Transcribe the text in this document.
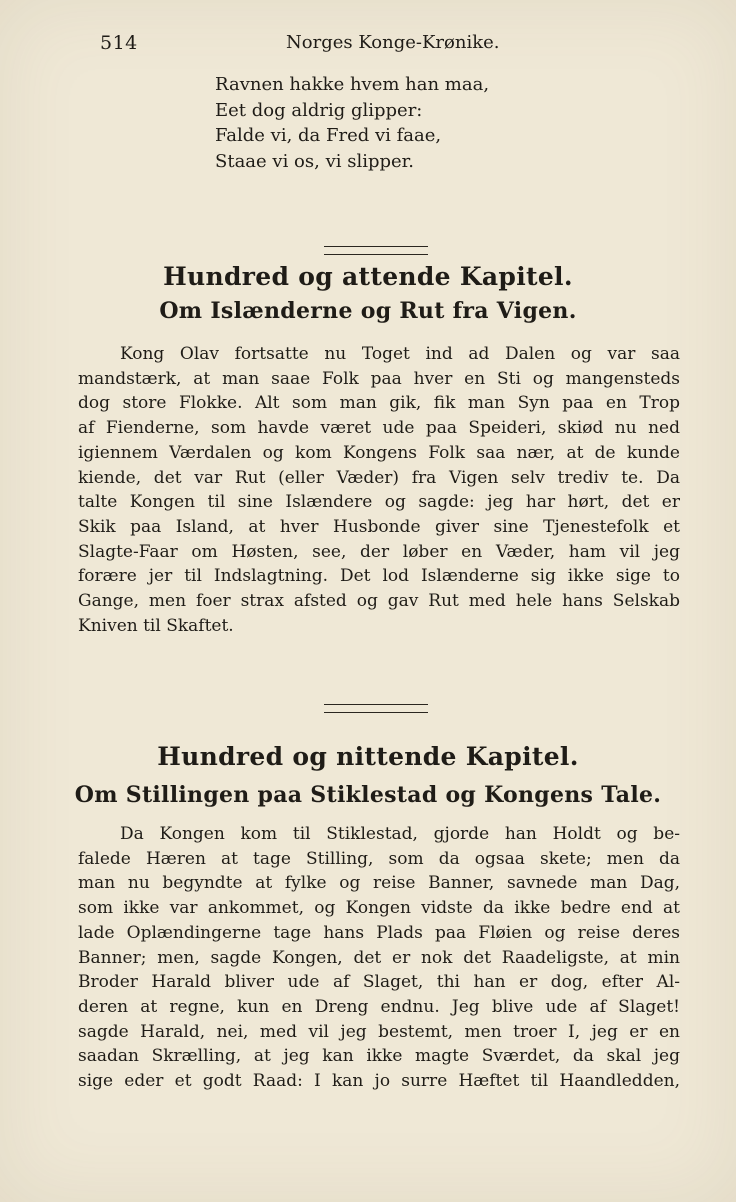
514	Norges Konge-Krønike.
Ravnen hakke hvem han maa,
Eet dog aldrig glipper:
Falde vi, da Fred vi faae,
Staae vi os, vi slipper.
Hundred og attende Kapitel.
Om Islænderne og Rut fra Vigen.
Kong Olav fortsatte nu Toget ind ad Dalen og var saa
mandstærk, at man saae Folk paa hver en Sti og mangensteds
dog store Flokke. Alt som man gik, fik man Syn paa en Trop
af Fienderne, som havde været ude paa Speideri, skiød nu ned
igiennem Værdalen og kom Kongens Folk saa nær, at de kunde
kiende, det var Rut (eller Væder) fra Vigen selv trediv te. Da
talte Kongen til sine Islændere og sagde: jeg har hørt, det er
Skik paa Island, at hver Husbonde giver sine Tjenestefolk et
Slagte-Faar om Høsten, see, der løber en Væder, ham vil jeg
forære jer til Indslagtning. Det lod Islænderne sig ikke sige to
Gange, men foer strax afsted og gav Rut med hele hans Selskab
Kniven til Skaftet.
Hundred og nittende Kapitel.
Om Stillingen paa Stiklestad og Kongens Tale.
Da Kongen kom til Stiklestad, gjorde han Holdt og be-
falede Hæren at tage Stilling, som da ogsaa skete; men da
man nu begyndte at fylke og reise Banner, savnede man Dag,
som ikke var ankommet, og Kongen vidste da ikke bedre end at
lade Oplændingerne tage hans Plads paa Fløien og reise deres
Banner; men, sagde Kongen, det er nok det Raadeligste, at min
Broder Harald bliver ude af Slaget, thi han er dog, efter Al-
deren at regne, kun en Dreng endnu. Jeg blive ude af Slaget!
sagde Harald, nei, med vil jeg bestemt, men troer I, jeg er en
saadan Skrælling, at jeg kan ikke magte Sværdet, da skal jeg
sige eder et godt Raad: I kan jo surre Hæftet til Haandledden,
